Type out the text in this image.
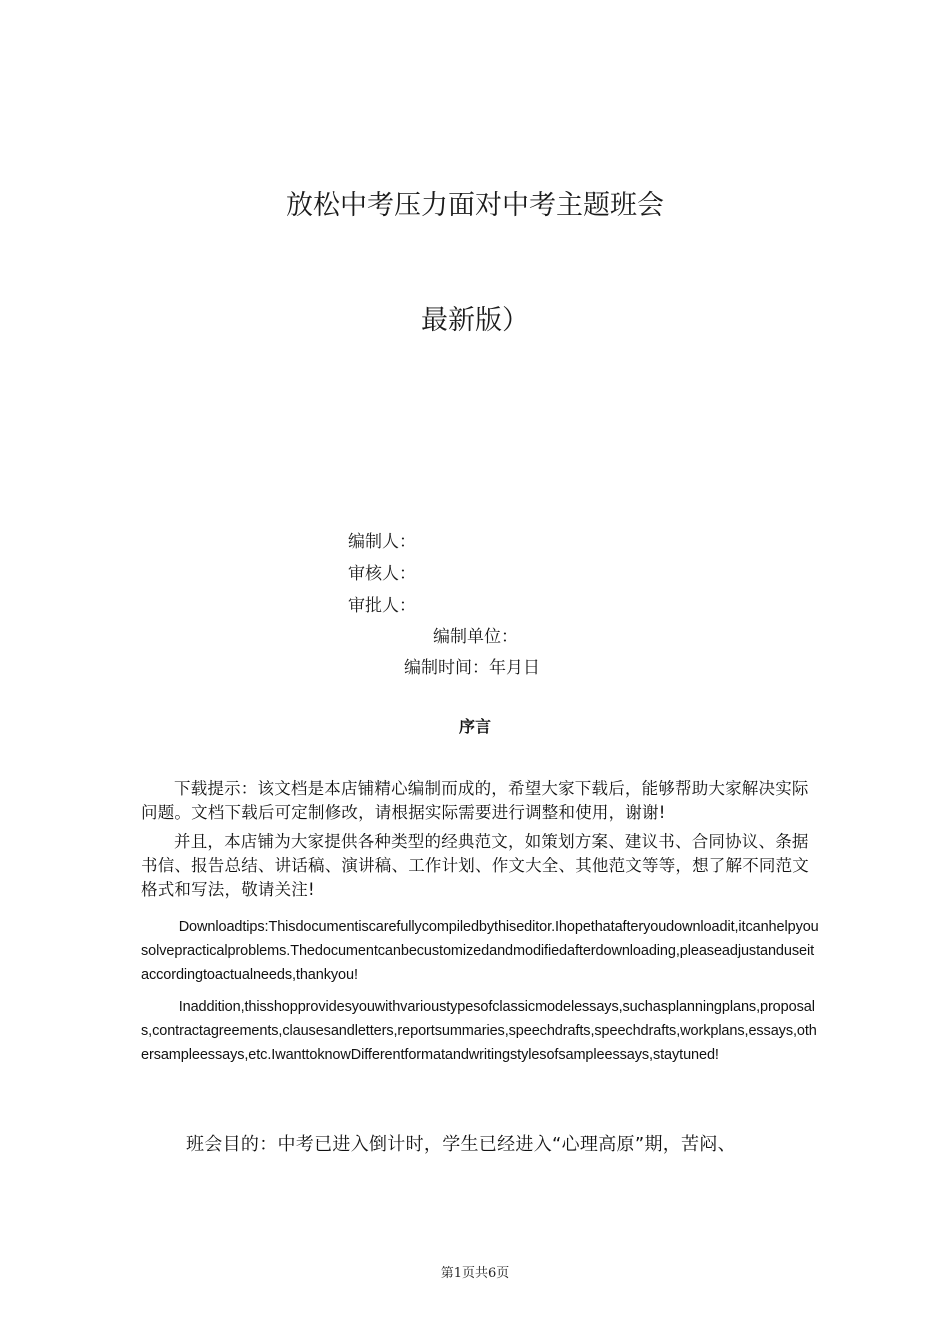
放松中考压力面对中考主题班会
最新版）
编制人：
审核人：
审批人：
编制单位：
编制时间：年月日
序言

下载提示：该文档是本店铺精心编制而成的，希望大家下载后，能够帮助大家解决实际问题。文档下载后可定制修改，请根据实际需要进行调整和使用，谢谢!

并且，本店铺为大家提供各种类型的经典范文，如策划方案、建议书、合同协议、条据书信、报告总结、讲话稿、演讲稿、工作计划、作文大全、其他范文等等，想了解不同范文格式和写法，敬请关注!

Downloadtips:Thisdocumentiscarefullycompiledbythiseditor.Ihopethatafteryoudownloadit,itcanhelpyousolvepracticalproblems.Thedocumentcanbecustomizedandmodifiedafterdownloading,pleaseadjustanduseitaccordingtoactualneeds,thankyou!

Inaddition,thisshopprovidesyouwithvarioustypesofclassicmodelessays,suchasplanningplans,proposals,contractagreements,clausesandletters,reportsummaries,speechdrafts,speechdrafts,workplans,essays,othersampleessays,etc.IwanttoknowDifferentformatandwritingstylesofsampleessays,staytuned!

班会目的：中考已进入倒计时，学生已经进入“心理高原”期，苦闷、
第1页共6页
